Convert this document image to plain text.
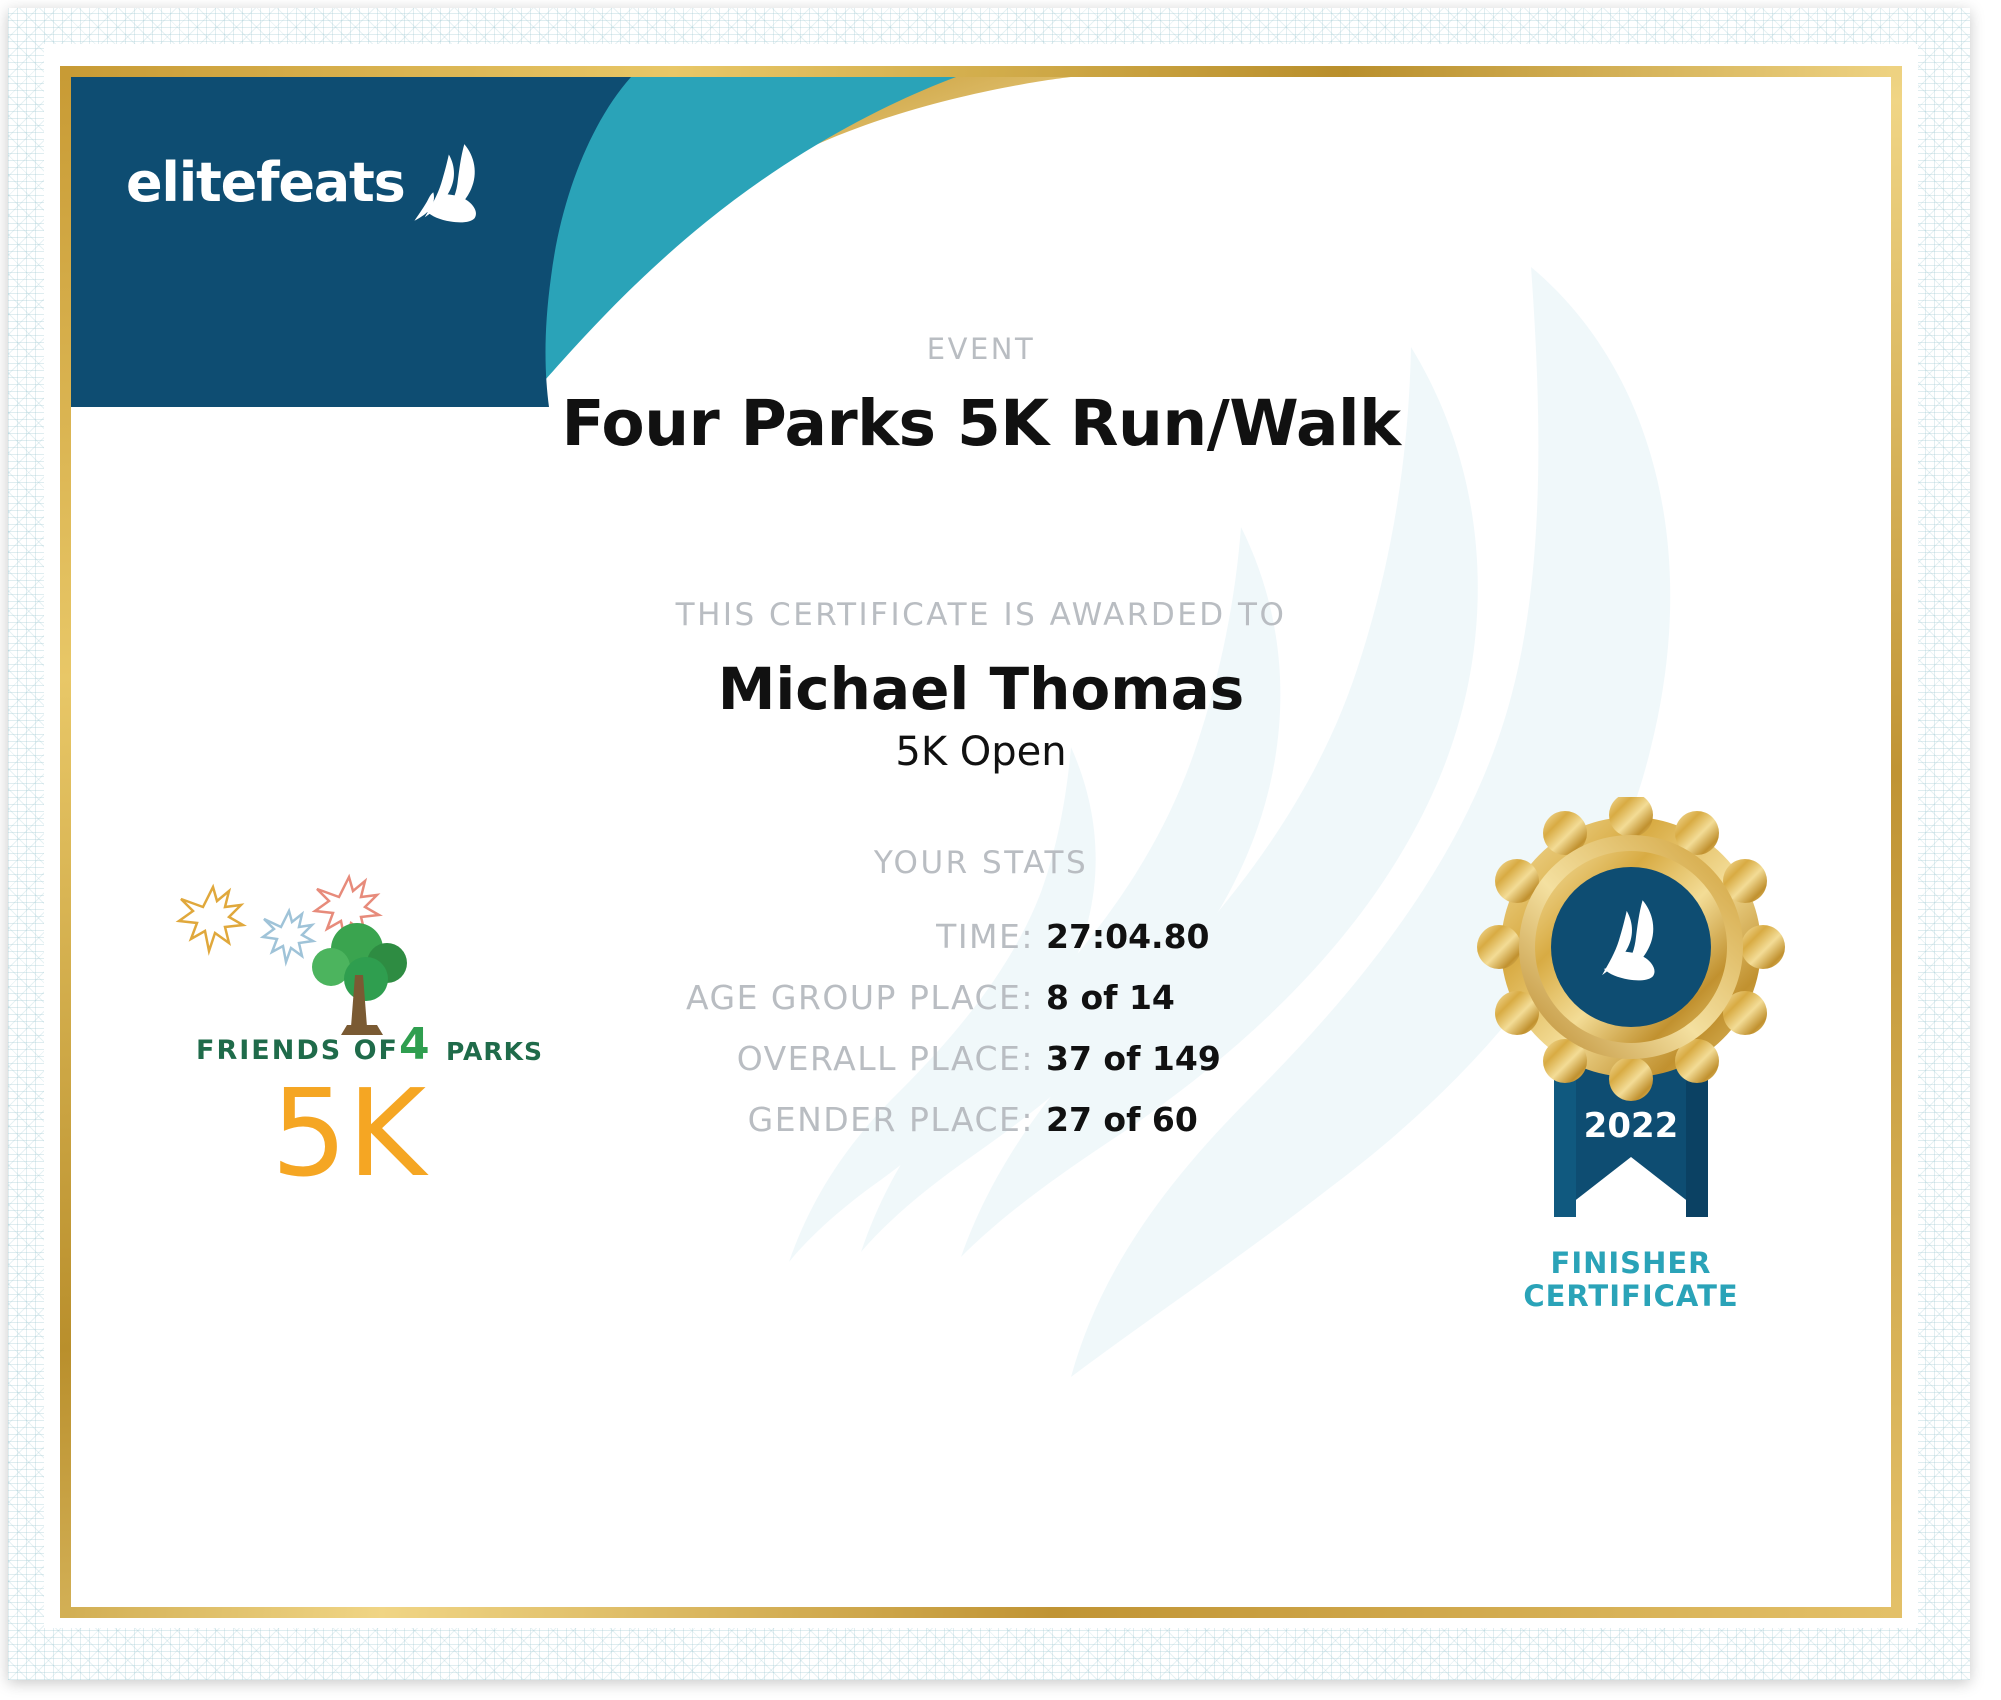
elitefeats
EVENT
Four Parks 5K Run/Walk
THIS CERTIFICATE IS AWARDED TO
Michael Thomas
5K Open
YOUR STATS
TIME: 27:04.80
AGE GROUP PLACE: 8 of 14
OVERALL PLACE: 37 of 149
GENDER PLACE: 27 of 60
FRIENDS OF 4 PARKS
5K	2022
FINISHER
CERTIFICATE
